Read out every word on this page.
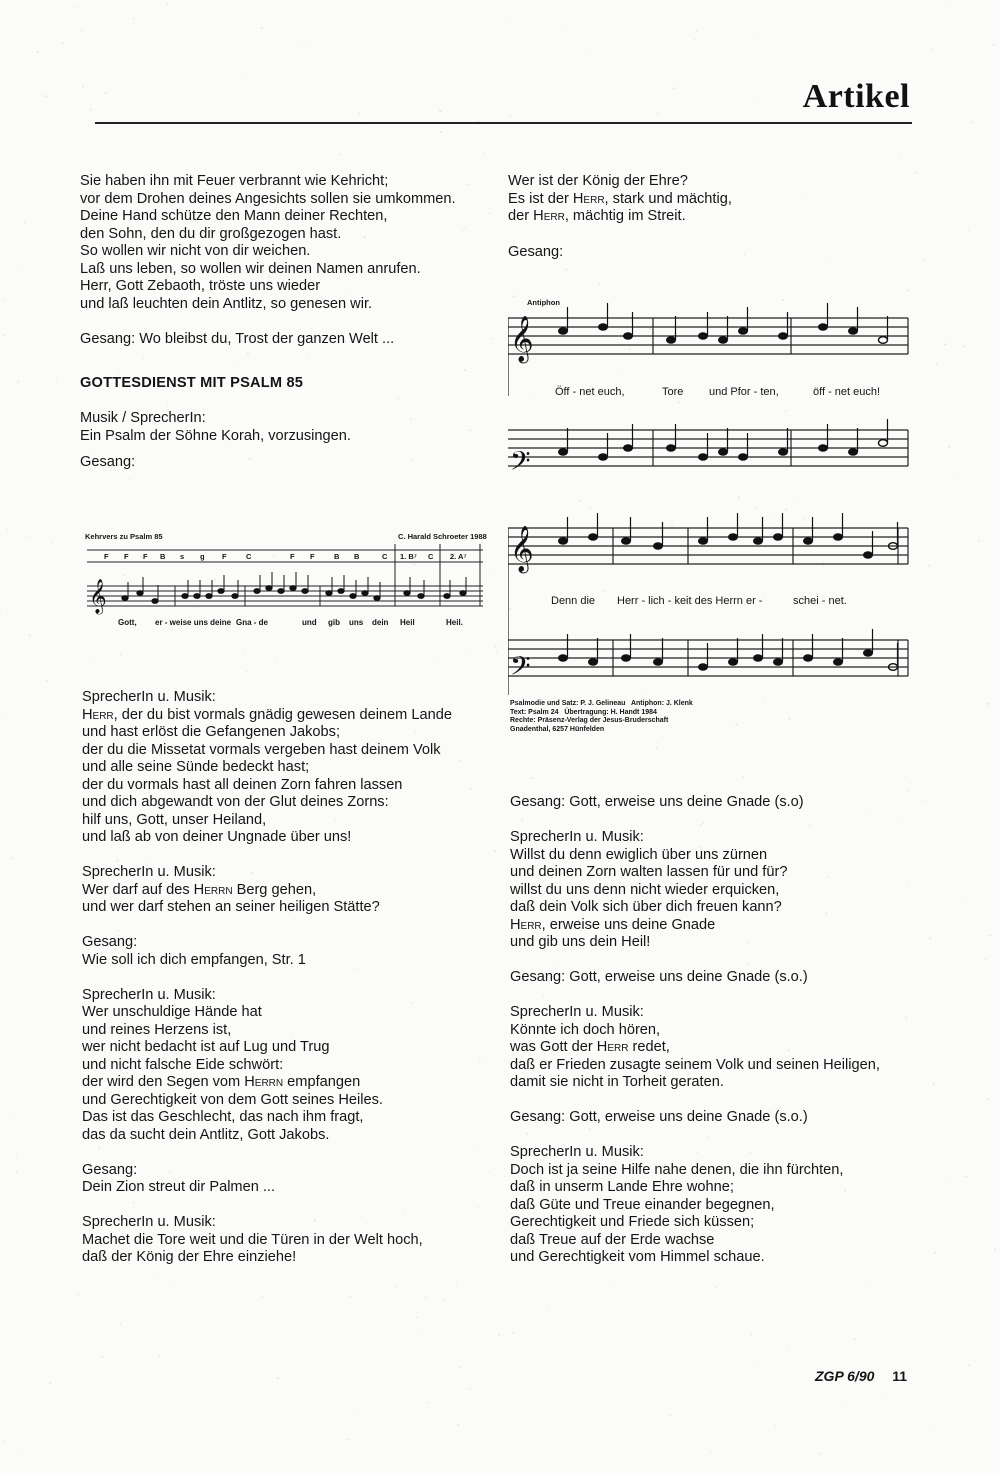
Artikel
Sie haben ihn mit Feuer verbrannt wie Kehricht;
vor dem Drohen deines Angesichts sollen sie umkommen.
Deine Hand schütze den Mann deiner Rechten,
den Sohn, den du dir großgezogen hast.
So wollen wir nicht von dir weichen.
Laß uns leben, so wollen wir deinen Namen anrufen.
Herr, Gott Zebaoth, tröste uns wieder
und laß leuchten dein Antlitz, so genesen wir.
Gesang: Wo bleibst du, Trost der ganzen Welt ...
GOTTESDIENST MIT PSALM 85
Musik / SprecherIn:
Ein Psalm der Söhne Korah, vorzusingen.
Gesang:
Kehrvers zu Psalm 85	C. Harald Schroeter 1988
𝄞
F F F B s g F	C	F F	B B	C 1. B⁷ C 2. A⁷
Gott, er - weise uns deine Gna - de	und gib uns dein Heil	Heil.
SprecherIn u. Musik:
Herr, der du bist vormals gnädig gewesen deinem Lande
und hast erlöst die Gefangenen Jakobs;
der du die Missetat vormals vergeben hast deinem Volk
und alle seine Sünde bedeckt hast;
der du vormals hast all deinen Zorn fahren lassen
und dich abgewandt von der Glut deines Zorns:
hilf uns, Gott, unser Heiland,
und laß ab von deiner Ungnade über uns!
SprecherIn u. Musik:
Wer darf auf des Herrn Berg gehen,
und wer darf stehen an seiner heiligen Stätte?
Gesang:
Wie soll ich dich empfangen, Str. 1
SprecherIn u. Musik:
Wer unschuldige Hände hat
und reines Herzens ist,
wer nicht bedacht ist auf Lug und Trug
und nicht falsche Eide schwört:
der wird den Segen vom Herrn empfangen
und Gerechtigkeit von dem Gott seines Heiles.
Das ist das Geschlecht, das nach ihm fragt,
das da sucht dein Antlitz, Gott Jakobs.
Gesang:
Dein Zion streut dir Palmen ...
SprecherIn u. Musik:
Machet die Tore weit und die Türen in der Welt hoch,
daß der König der Ehre einziehe!
Wer ist der König der Ehre?
Es ist der Herr, stark und mächtig,
der Herr, mächtig im Streit.
Gesang:
Antiphon
𝄞
𝄢
𝄞
𝄢
Öff - net euch,	Tore und Pfor - ten,	öff - net euch!
Denn die Herr - lich - keit des Herrn er -	schei - net.
Psalmodie und Satz: P. J. Gelineau   Antiphon: J. Klenk
Text: Psalm 24   Übertragung: H. Handt 1984
Rechte: Präsenz-Verlag der Jesus-Bruderschaft
Gnadenthal, 6257 Hünfelden
Gesang: Gott, erweise uns deine Gnade (s.o)
SprecherIn u. Musik:
Willst du denn ewiglich über uns zürnen
und deinen Zorn walten lassen für und für?
willst du uns denn nicht wieder erquicken,
daß dein Volk sich über dich freuen kann?
Herr, erweise uns deine Gnade
und gib uns dein Heil!
Gesang: Gott, erweise uns deine Gnade (s.o.)
SprecherIn u. Musik:
Könnte ich doch hören,
was Gott der Herr redet,
daß er Frieden zusagte seinem Volk und seinen Heiligen,
damit sie nicht in Torheit geraten.
Gesang: Gott, erweise uns deine Gnade (s.o.)
SprecherIn u. Musik:
Doch ist ja seine Hilfe nahe denen, die ihn fürchten,
daß in unserm Lande Ehre wohne;
daß Güte und Treue einander begegnen,
Gerechtigkeit und Friede sich küssen;
daß Treue auf der Erde wachse
und Gerechtigkeit vom Himmel schaue.
ZGP 6/90 11
